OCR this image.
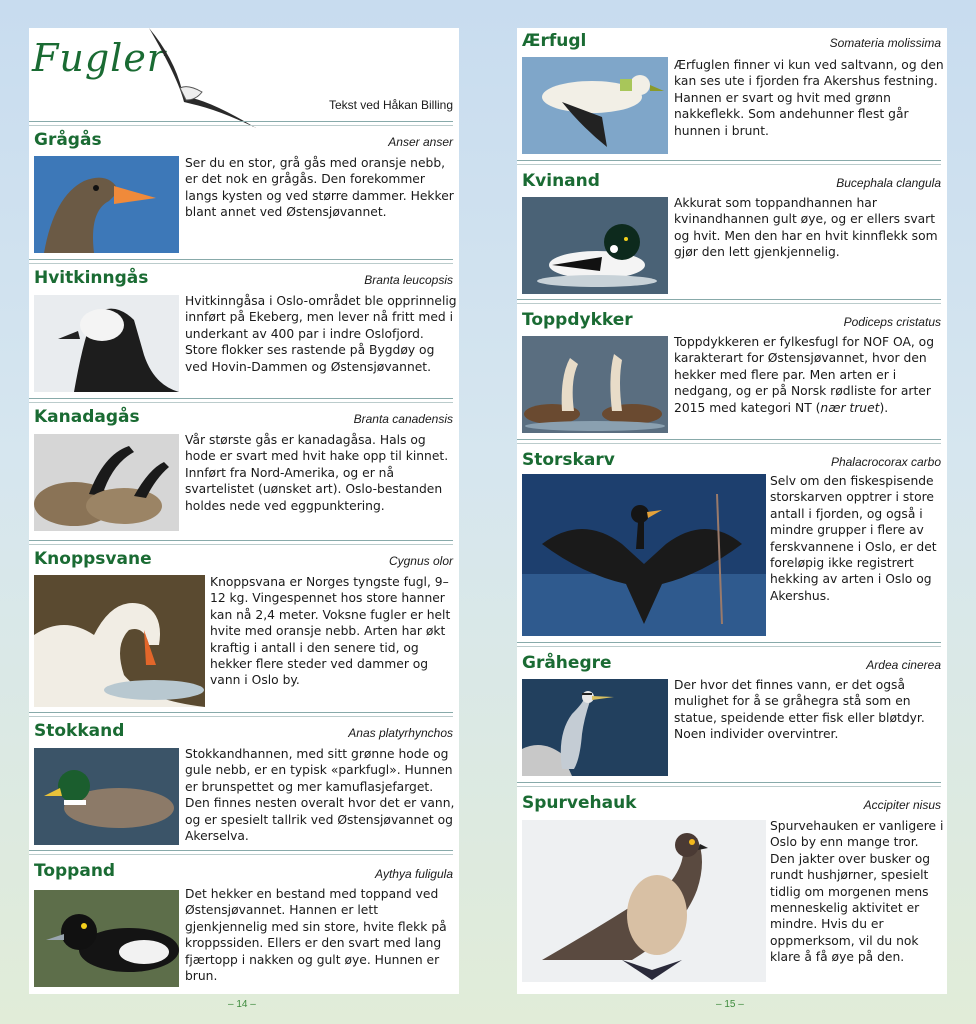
Fugler
Tekst ved Håkan Billing
Grågås	Anser anser

Ser du en stor, grå gås med oransje nebb, er det nok en grågås. Den forekommer langs kysten og ved større dammer. Hekker blant annet ved Østensjøvannet.

Hvitkinngås	Branta leucopsis

Hvitkinngåsa i Oslo-området ble opprinnelig innført på Ekeberg, men lever nå fritt med i underkant av 400 par i indre Oslofjord. Store flokker ses rastende på Bygdøy og ved Hovin-Dammen og Østensjøvannet.

Kanadagås	Branta canadensis

Vår største gås er kanadagåsa. Hals og hode er svart med hvit hake opp til kinnet. Innført fra Nord-Amerika, og er nå svartelistet (uønsket art). Oslo-bestanden holdes nede ved eggpunktering.

Knoppsvane	Cygnus olor

Knoppsvana er Norges tyngste fugl, 9–12 kg. Vingespennet hos store hanner kan nå 2,4 meter. Voksne fugler er helt hvite med oransje nebb. Arten har økt kraftig i antall i den senere tid, og hekker flere steder ved dammer og vann i Oslo by.

Stokkand	Anas platyrhynchos

Stokkandhannen, med sitt grønne hode og gule nebb, er en typisk «parkfugl». Hunnen er brunspettet og mer kamuflasjefarget. Den finnes nesten overalt hvor det er vann, og er spesielt tallrik ved Østensjøvannet og Akerselva.

Toppand	Aythya fuligula

Det hekker en bestand med toppand ved Østensjøvannet. Hannen er lett gjenkjennelig med sin store, hvite flekk på kroppssiden. Ellers er den svart med lang fjærtopp i nakken og gult øye. Hunnen er brun.

– 14 –
Ærfugl	Somateria molissima

Ærfuglen finner vi kun ved saltvann, og den kan ses ute i fjorden fra Akershus festning. Hannen er svart og hvit med grønn nakkeflekk. Som andehunner flest går hunnen i brunt.

Kvinand	Bucephala clangula

Akkurat som toppandhannen har kvinandhannen gult øye, og er ellers svart og hvit. Men den har en hvit kinnflekk som gjør den lett gjenkjennelig.

Toppdykker	Podiceps cristatus

Toppdykkeren er fylkesfugl for NOF OA, og karakterart for Østensjøvannet, hvor den hekker med flere par. Men arten er i nedgang, og er på Norsk rødliste for arter 2015 med kategori NT (nær truet).

Storskarv	Phalacrocorax carbo

Selv om den fiskespisende storskarven opptrer i store antall i fjorden, og også i mindre grupper i flere av ferskvannene i Oslo, er det foreløpig ikke registrert hekking av arten i Oslo og Akershus.

Gråhegre	Ardea cinerea

Der hvor det finnes vann, er det også mulighet for å se gråhegra stå som en statue, speidende etter fisk eller bløtdyr. Noen individer overvintrer.

Spurvehauk	Accipiter nisus

Spurvehauken er vanligere i Oslo by enn mange tror. Den jakter over busker og rundt hushjørner, spesielt tidlig om morgenen mens menneskelig aktivitet er mindre. Hvis du er oppmerksom, vil du nok klare å få øye på den.

– 15 –
